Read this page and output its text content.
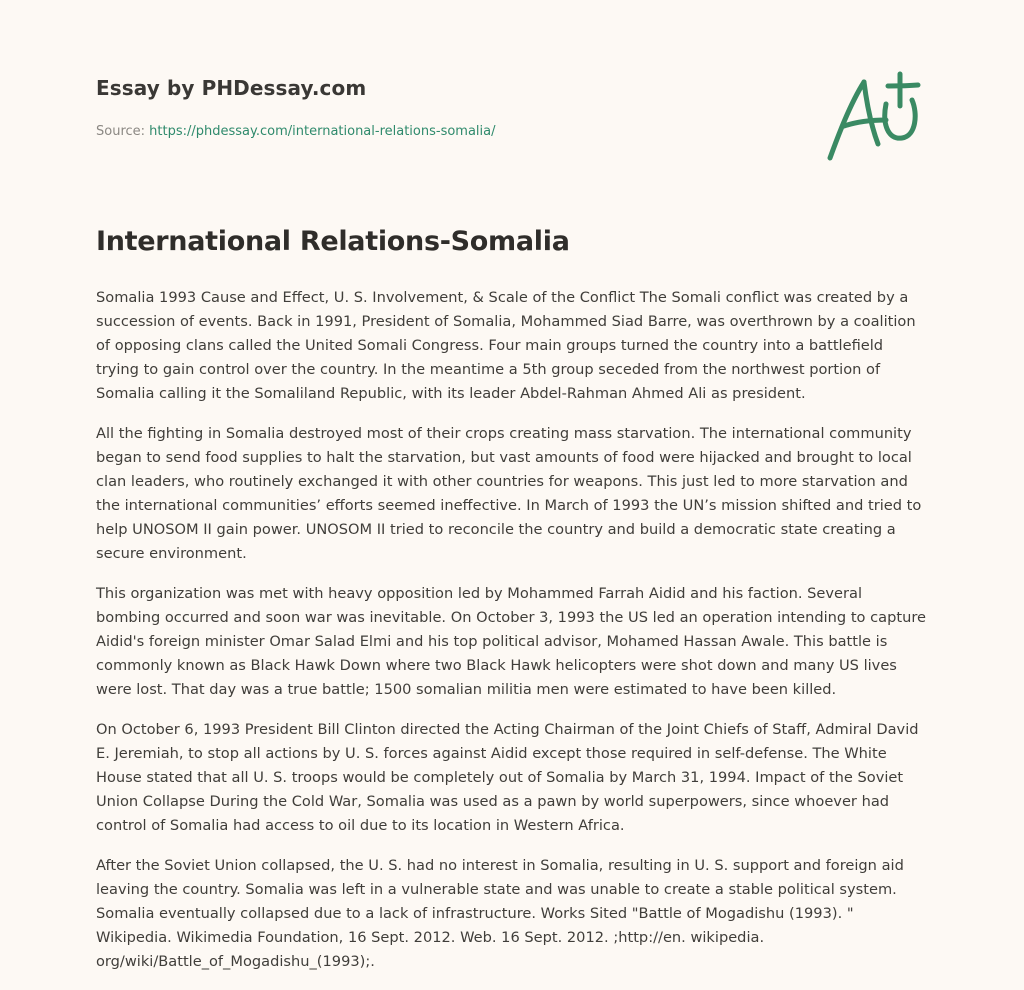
Essay by PHDessay.com
Source: https://phdessay.com/international-relations-somalia/
International Relations-Somalia

Somalia 1993 Cause and Effect, U. S. Involvement, & Scale of the Conflict The Somali conflict was created by a succession of events. Back in 1991, President of Somalia, Mohammed Siad Barre, was overthrown by a coalition of opposing clans called the United Somali Congress. Four main groups turned the country into a battlefield trying to gain control over the country. In the meantime a 5th group seceded from the northwest portion of Somalia calling it the Somaliland Republic, with its leader Abdel-Rahman Ahmed Ali as president.

All the fighting in Somalia destroyed most of their crops creating mass starvation. The international community began to send food supplies to halt the starvation, but vast amounts of food were hijacked and brought to local clan leaders, who routinely exchanged it with other countries for weapons. This just led to more starvation and the international communities’ efforts seemed ineffective. In March of 1993 the UN’s mission shifted and tried to help UNOSOM II gain power. UNOSOM II tried to reconcile the country and build a democratic state creating a secure environment.

This organization was met with heavy opposition led by Mohammed Farrah Aidid and his faction. Several bombing occurred and soon war was inevitable. On October 3, 1993 the US led an operation intending to capture Aidid's foreign minister Omar Salad Elmi and his top political advisor, Mohamed Hassan Awale. This battle is commonly known as Black Hawk Down where two Black Hawk helicopters were shot down and many US lives were lost. That day was a true battle; 1500 somalian militia men were estimated to have been killed.

On October 6, 1993 President Bill Clinton directed the Acting Chairman of the Joint Chiefs of Staff, Admiral David E. Jeremiah, to stop all actions by U. S. forces against Aidid except those required in self-defense. The White House stated that all U. S. troops would be completely out of Somalia by March 31, 1994. Impact of the Soviet Union Collapse During the Cold War, Somalia was used as a pawn by world superpowers, since whoever had control of Somalia had access to oil due to its location in Western Africa.

After the Soviet Union collapsed, the U. S. had no interest in Somalia, resulting in U. S. support and foreign aid leaving the country. Somalia was left in a vulnerable state and was unable to create a stable political system. Somalia eventually collapsed due to a lack of infrastructure. Works Sited "Battle of Mogadishu (1993). " Wikipedia. Wikimedia Foundation, 16 Sept. 2012. Web. 16 Sept. 2012. ;http://en. wikipedia. org/wiki/Battle_of_Mogadishu_(1993);.
